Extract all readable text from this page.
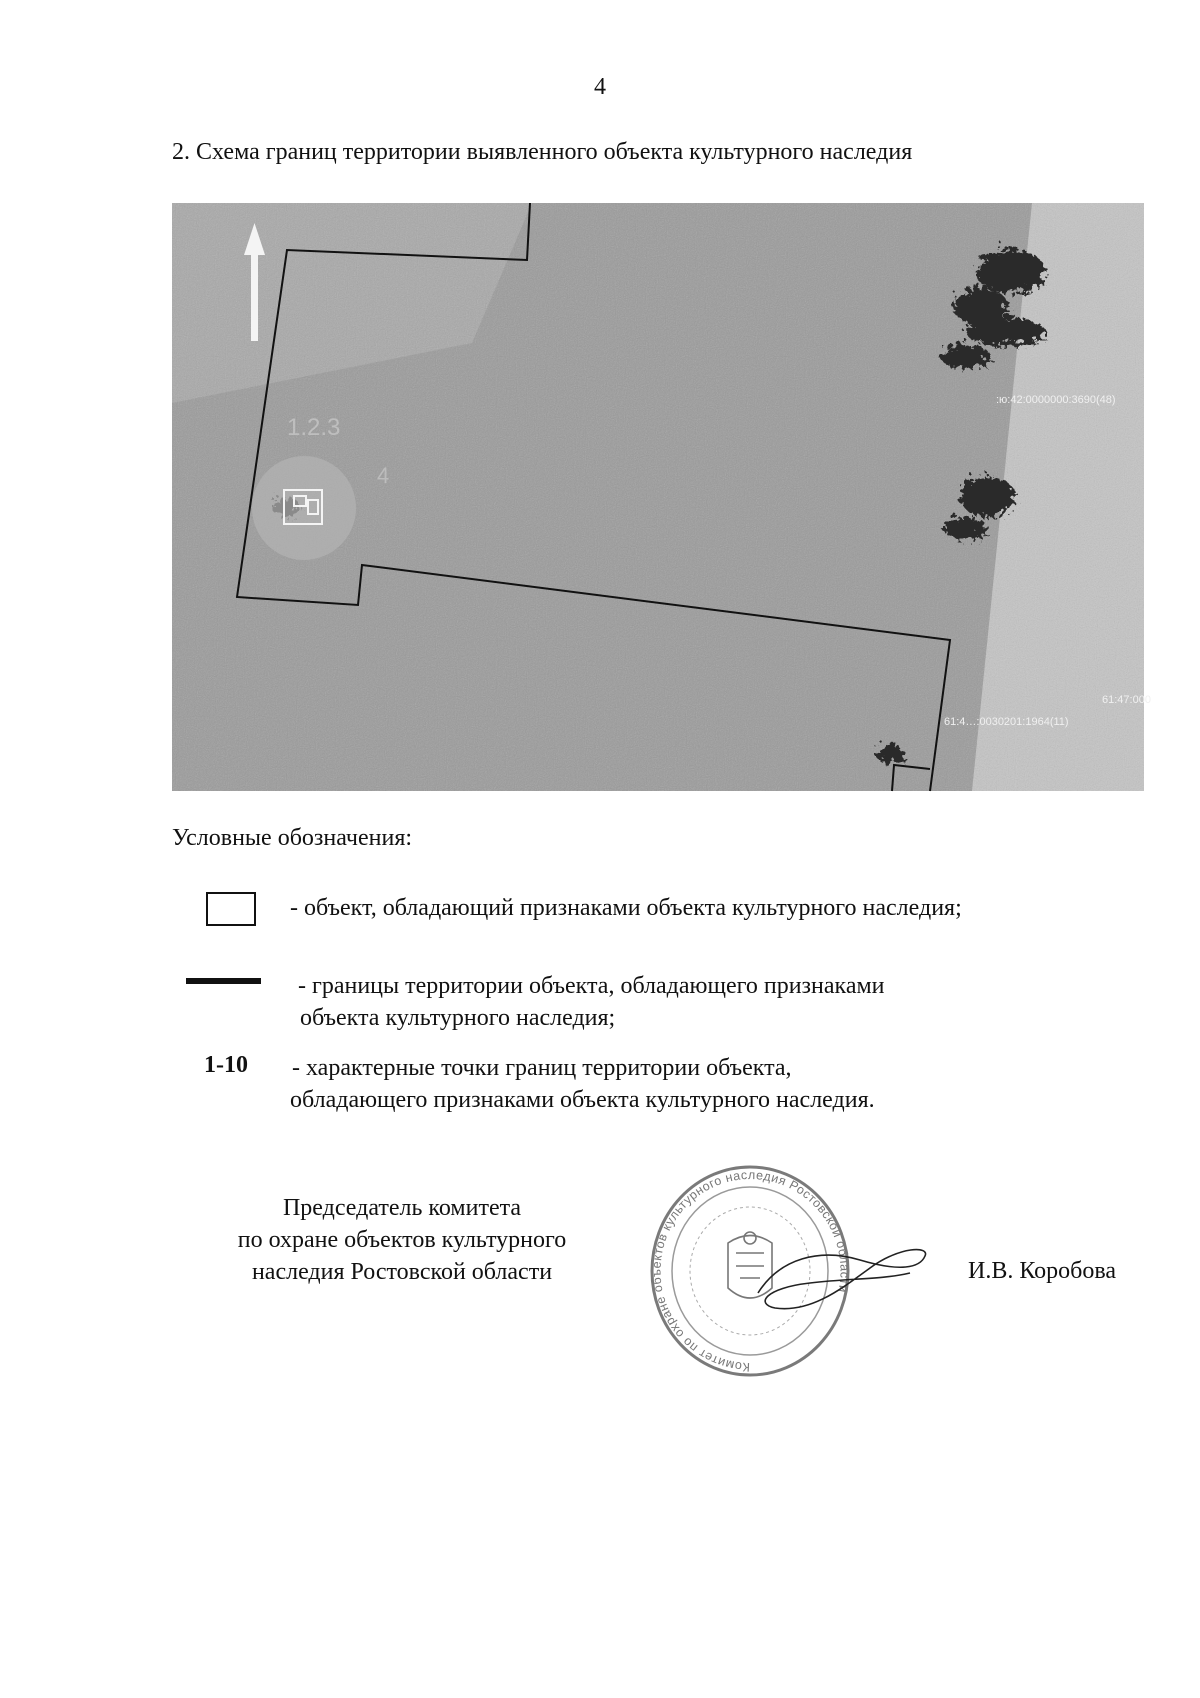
4
2. Схема границ территории выявленного объекта культурного наследия
1.2.3
4
:ю:42:0000000:3690(48)
61:47:000
61:4…:0030201:1964(11)
Условные обозначения:
- объект, обладающий признаками объекта культурного наследия;
- границы территории объекта, обладающего признаками
объекта культурного наследия;
1-10 - характерные точки границ территории объекта,
обладающего признаками объекта культурного наследия.
Председатель комитета
по охране объектов культурного
наследия Ростовской области
Комитет по охране объектов культурного наследия Ростовской области
И.В. Коробова
